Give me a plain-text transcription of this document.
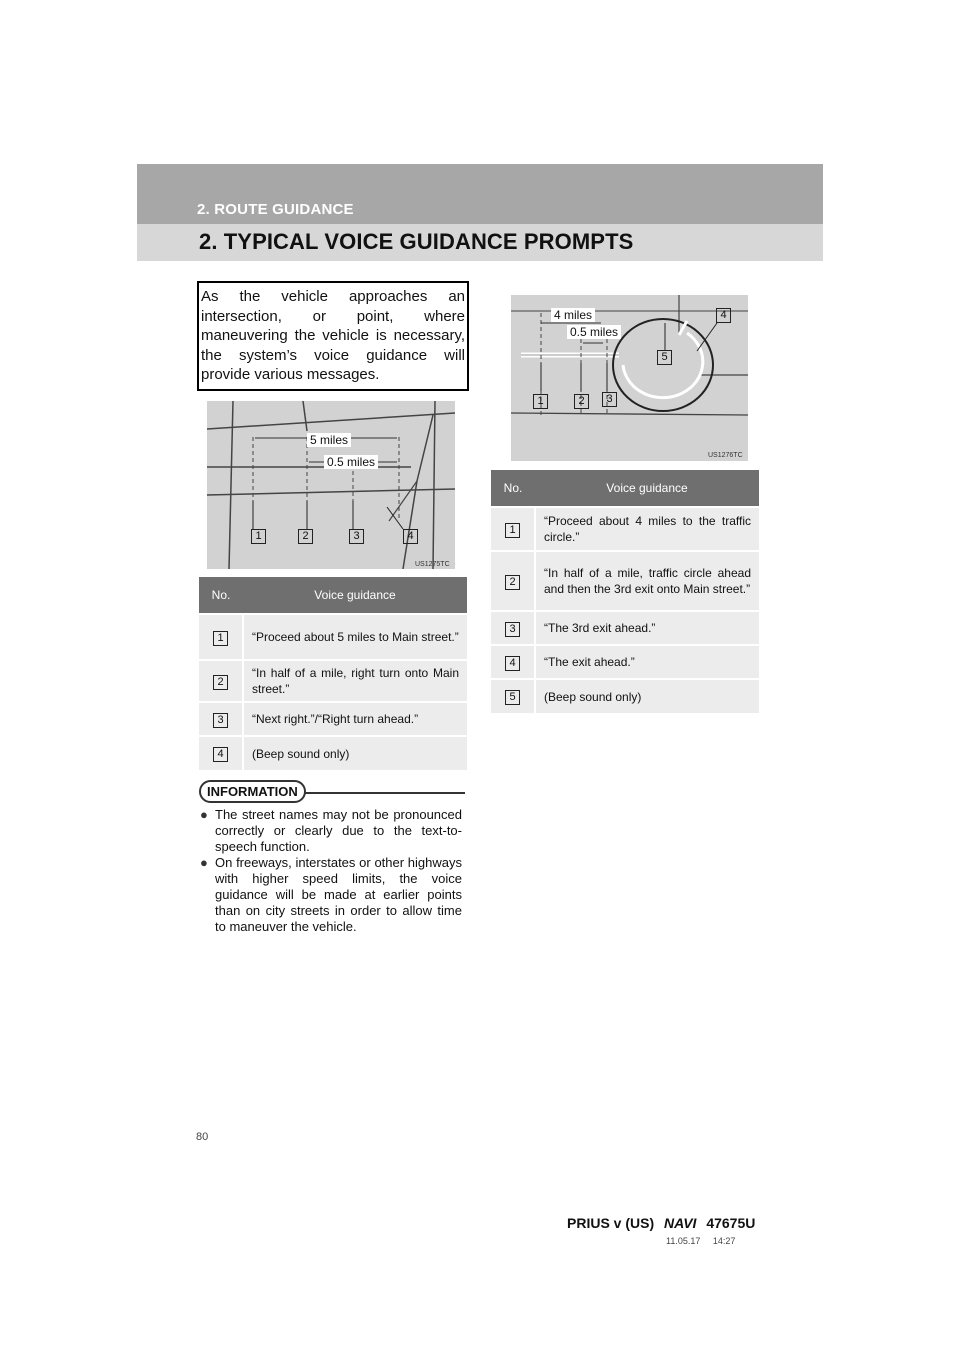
2. ROUTE GUIDANCE
2. TYPICAL VOICE GUIDANCE PROMPTS
As the vehicle approaches an intersection, or point, where maneuvering the vehicle is necessary, the system’s voice guidance will provide various messages.
5 miles
0.5 miles
1	2	3	4
US1275TC
No.	Voice guidance
1	“Proceed about 5 miles to Main street.”
2	“In half of a mile, right turn onto Main street.”
3	“Next right.”/“Right turn ahead.”
4	(Beep sound only)
INFORMATION
● The street names may not be pronounced correctly or clearly due to the text-to-speech function.
● On freeways, interstates or other highways with higher speed limits, the voice guidance will be made at earlier points than on city streets in order to allow time to maneuver the vehicle.
4 miles
0.5 miles
1	2	3
4
5
US1276TC
No.	Voice guidance
1	“Proceed about 4 miles to the traffic circle.”
2	“In half of a mile, traffic circle ahead and then the 3rd exit onto Main street.”
3	“The 3rd exit ahead.”
4	“The exit ahead.”
5	(Beep sound only)
80
PRIUS v (US) NAVI 47675U
11.05.17 14:27
